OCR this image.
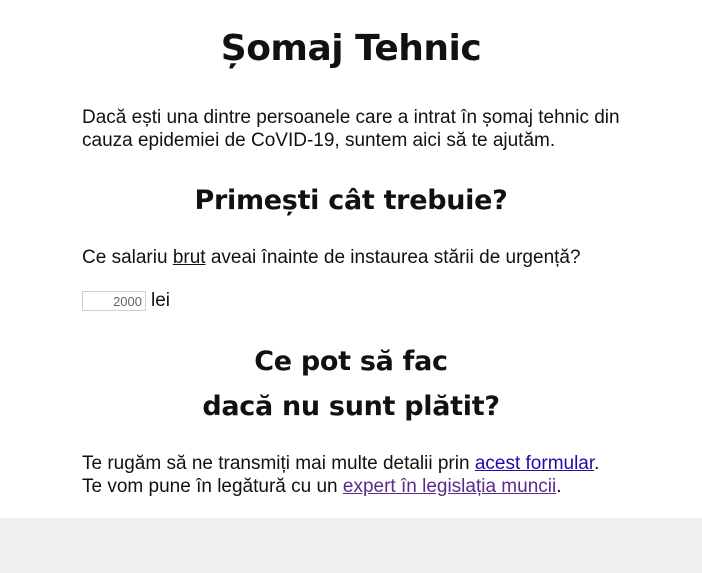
Șomaj Tehnic

Dacă ești una dintre persoanele care a intrat în șomaj tehnic din cauza epidemiei de CoVID-19, suntem aici să te ajutăm.

Primești cât trebuie?

Ce salariu brut aveai înainte de instaurea stării de urgență?

2000
lei
Ce pot să fac
dacă nu sunt plătit?

Te rugăm să ne transmiți mai multe detalii prin acest formular.
Te vom pune în legătură cu un expert în legislația muncii.
